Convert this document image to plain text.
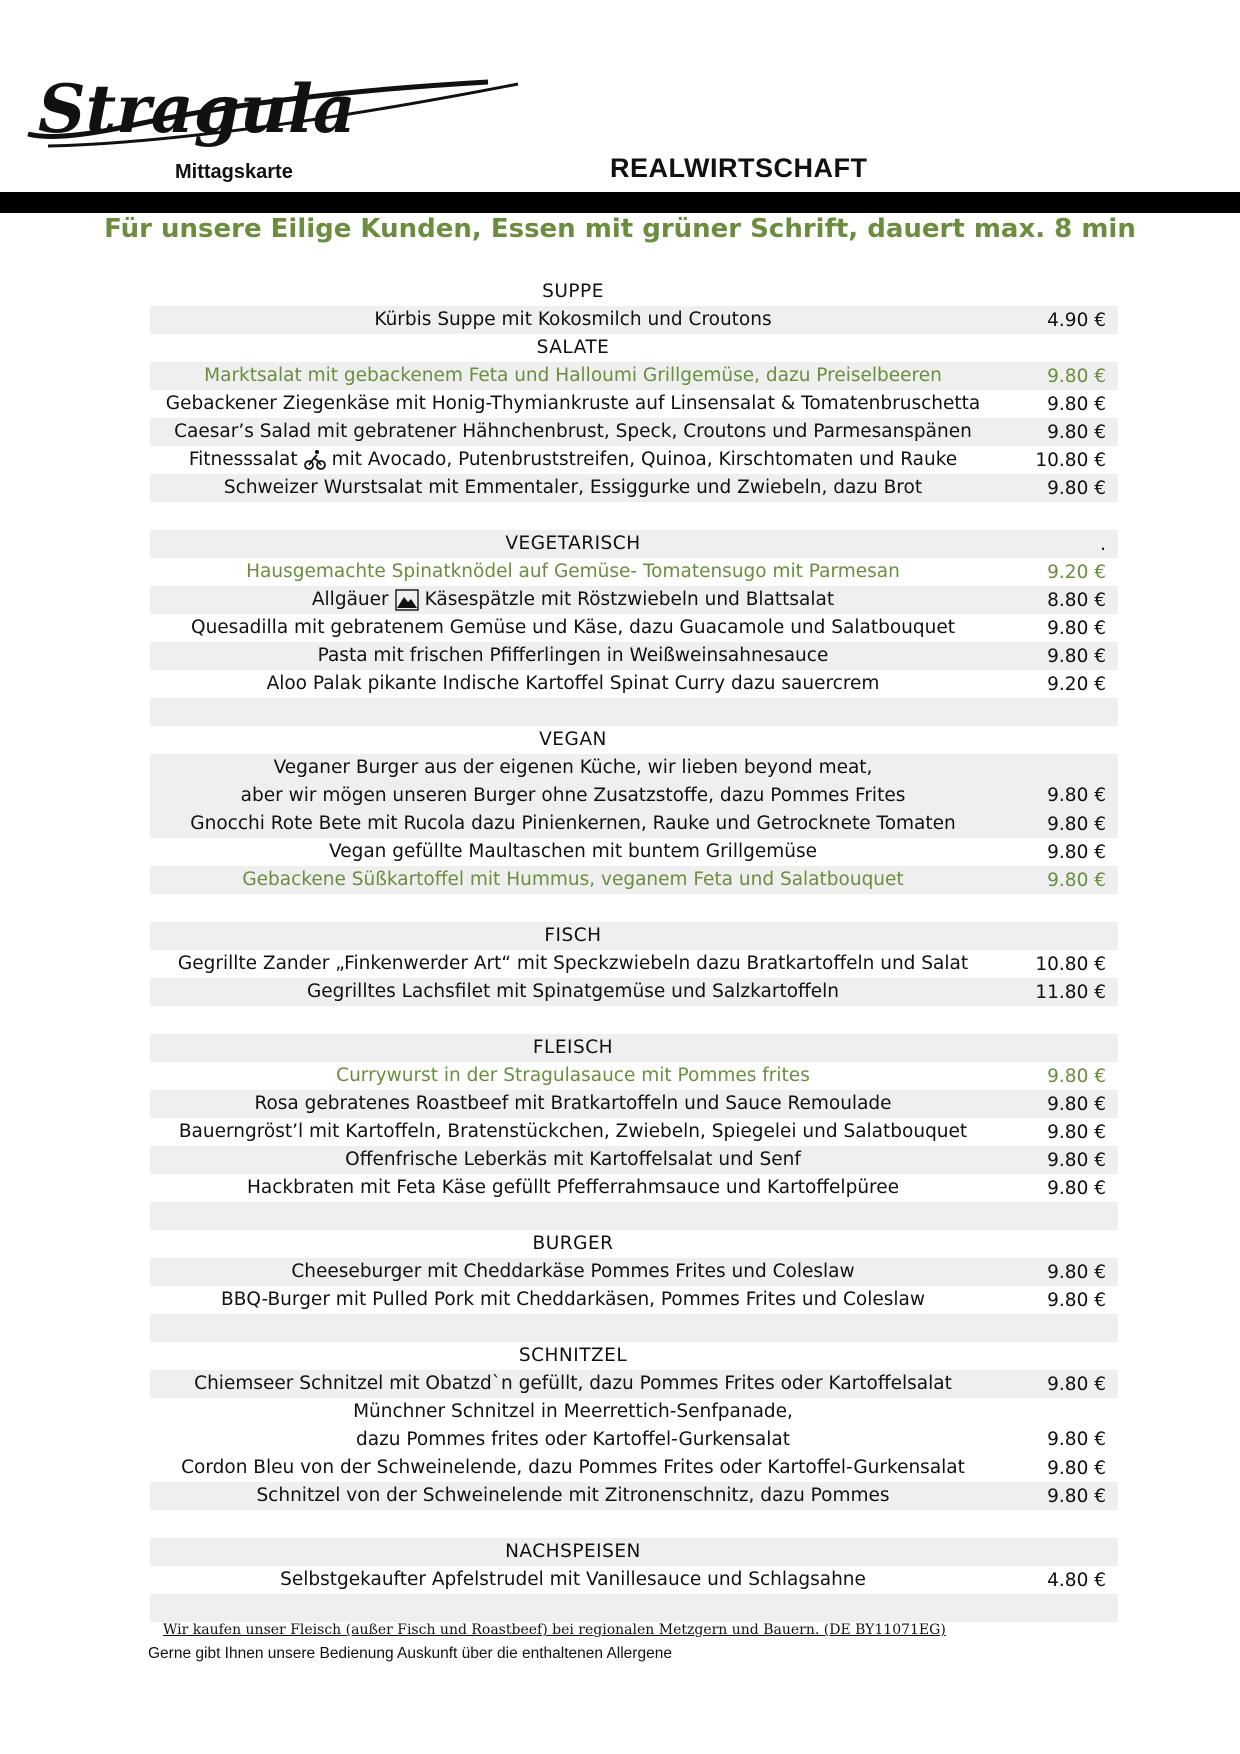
Stragula
Mittagskarte	REALWIRTSCHAFT
Für unsere Eilige Kunden, Essen mit grüner Schrift, dauert max. 8 min
SUPPE
Kürbis Suppe mit Kokosmilch und Croutons	4.90 €
SALATE
Marktsalat mit gebackenem Feta und Halloumi Grillgemüse, dazu Preiselbeeren	9.80 €
Gebackener Ziegenkäse mit Honig-Thymiankruste auf Linsensalat & Tomatenbruschetta	9.80 €
Caesar’s Salad mit gebratener Hähnchenbrust, Speck, Croutons und Parmesanspänen	9.80 €
Fitnesssalat mit Avocado, Putenbruststreifen, Quinoa, Kirschtomaten und Rauke	10.80 €
Schweizer Wurstsalat mit Emmentaler, Essiggurke und Zwiebeln, dazu Brot	9.80 €
VEGETARISCH	.
Hausgemachte Spinatknödel auf Gemüse- Tomatensugo mit Parmesan	9.20 €
Allgäuer Käsespätzle mit Röstzwiebeln und Blattsalat	8.80 €
Quesadilla mit gebratenem Gemüse und Käse, dazu Guacamole und Salatbouquet	9.80 €
Pasta mit frischen Pfifferlingen in Weißweinsahnesauce	9.80 €
Aloo Palak pikante Indische Kartoffel Spinat Curry dazu sauercrem	9.20 €
VEGAN
Veganer Burger aus der eigenen Küche, wir lieben beyond meat,
aber wir mögen unseren Burger ohne Zusatzstoffe, dazu Pommes Frites	9.80 €
Gnocchi Rote Bete mit Rucola dazu Pinienkernen, Rauke und Getrocknete Tomaten	9.80 €
Vegan gefüllte Maultaschen mit buntem Grillgemüse	9.80 €
Gebackene Süßkartoffel mit Hummus, veganem Feta und Salatbouquet	9.80 €
FISCH
Gegrillte Zander „Finkenwerder Art“ mit Speckzwiebeln dazu Bratkartoffeln und Salat	10.80 €
Gegrilltes Lachsfilet mit Spinatgemüse und Salzkartoffeln	11.80 €
FLEISCH
Currywurst in der Stragulasauce mit Pommes frites	9.80 €
Rosa gebratenes Roastbeef mit Bratkartoffeln und Sauce Remoulade	9.80 €
Bauerngröst’l mit Kartoffeln, Bratenstückchen, Zwiebeln, Spiegelei und Salatbouquet	9.80 €
Offenfrische Leberkäs mit Kartoffelsalat und Senf	9.80 €
Hackbraten mit Feta Käse gefüllt Pfefferrahmsauce und Kartoffelpüree	9.80 €
BURGER
Cheeseburger mit Cheddarkäse Pommes Frites und Coleslaw	9.80 €
BBQ-Burger mit Pulled Pork mit Cheddarkäsen, Pommes Frites und Coleslaw	9.80 €
SCHNITZEL
Chiemseer Schnitzel mit Obatzd`n gefüllt, dazu Pommes Frites oder Kartoffelsalat	9.80 €
Münchner Schnitzel in Meerrettich-Senfpanade,
dazu Pommes frites oder Kartoffel-Gurkensalat	9.80 €
Cordon Bleu von der Schweinelende, dazu Pommes Frites oder Kartoffel-Gurkensalat	9.80 €
Schnitzel von der Schweinelende mit Zitronenschnitz, dazu Pommes	9.80 €
NACHSPEISEN
Selbstgekaufter Apfelstrudel mit Vanillesauce und Schlagsahne	4.80 €
Wir kaufen unser Fleisch (außer Fisch und Roastbeef) bei regionalen Metzgern und Bauern. (DE BY11071EG)
Gerne gibt Ihnen unsere Bedienung Auskunft über die enthaltenen Allergene
